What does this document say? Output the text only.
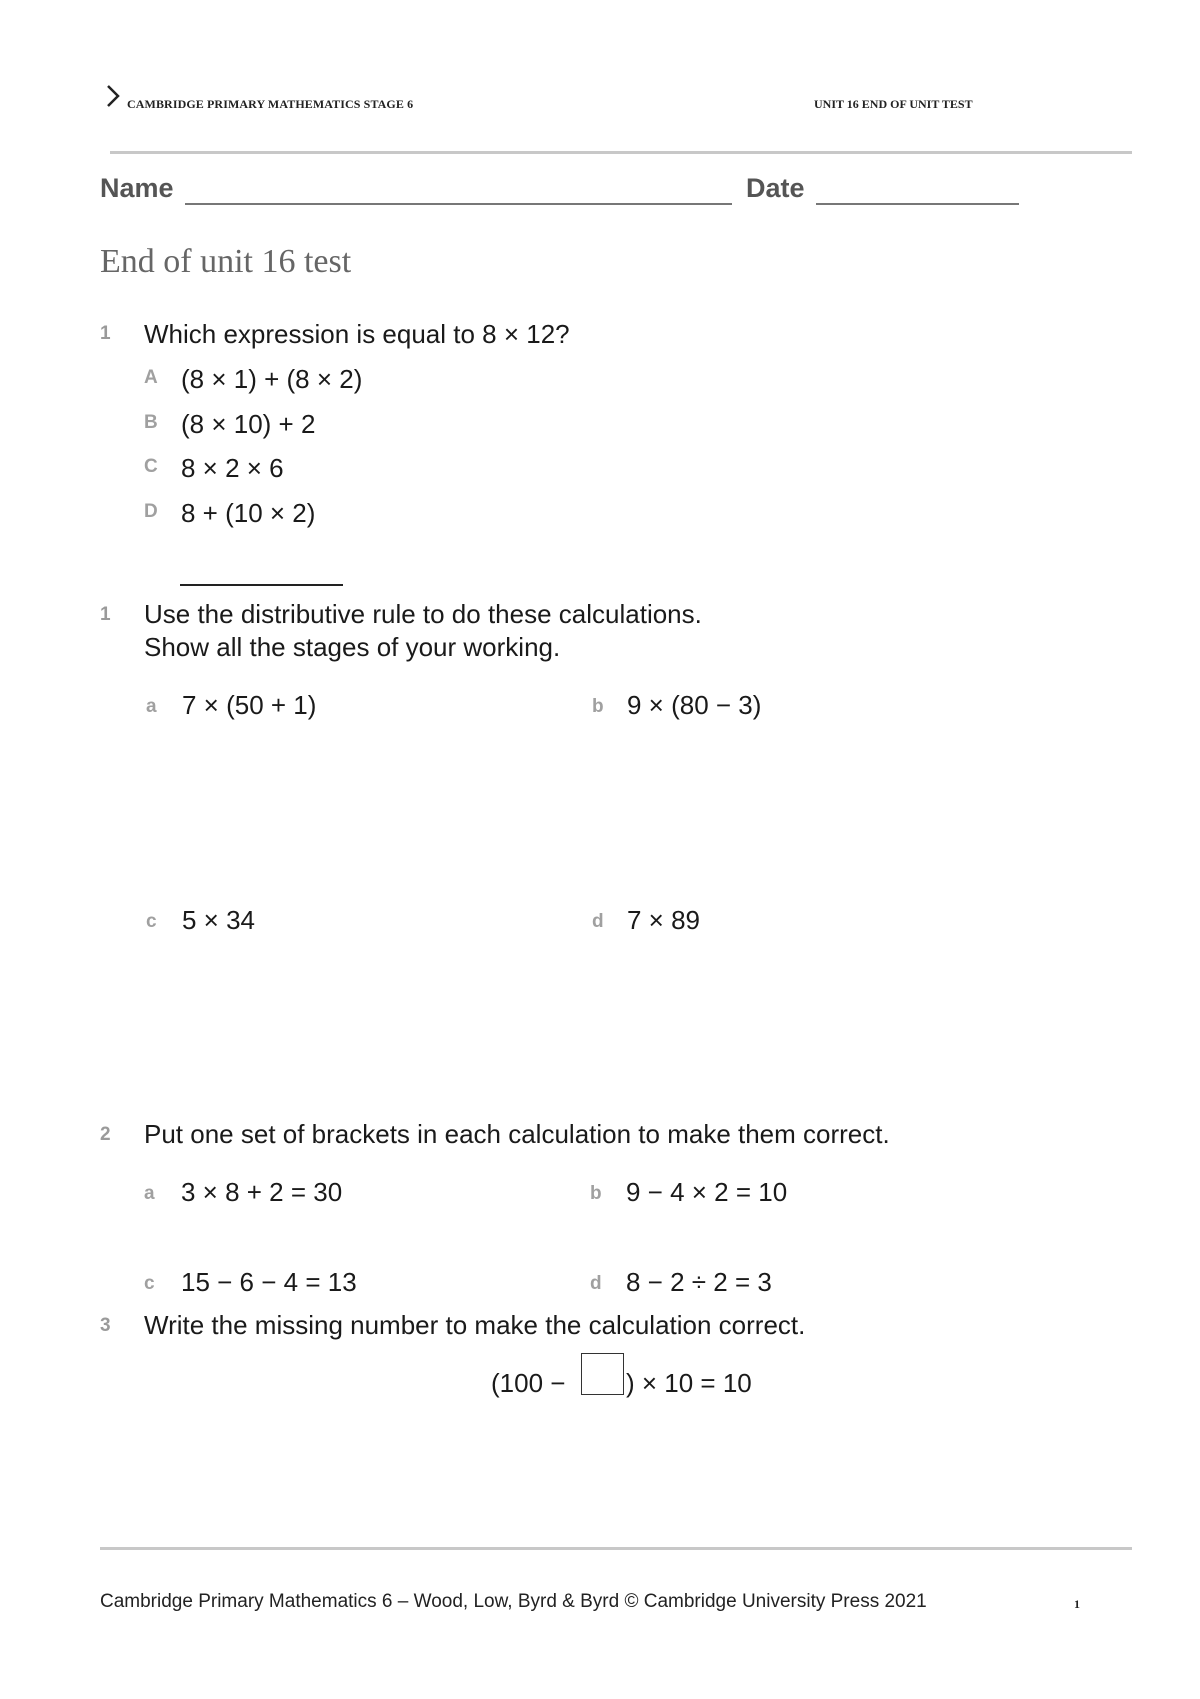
CAMBRIDGE PRIMARY MATHEMATICS STAGE 6	UNIT 16 END OF UNIT TEST
Name	Date
End of unit 16 test
1 Which expression is equal to 8 × 12?
A (8 × 1) + (8 × 2)
B (8 × 10) + 2
C 8 × 2 × 6
D 8 + (10 × 2)
1 Use the distributive rule to do these calculations.
Show all the stages of your working.
a 7 × (50 + 1)	b 9 × (80 − 3)
c 5 × 34	d 7 × 89
2 Put one set of brackets in each calculation to make them correct.
a 3 × 8 + 2 = 30	b 9 − 4 × 2 = 10
c 15 − 6 − 4 = 13	d 8 − 2 ÷ 2 = 3
3 Write the missing number to make the calculation correct.
(100 − ) × 10 = 10
Cambridge Primary Mathematics 6 – Wood, Low, Byrd & Byrd © Cambridge University Press 2021	1
